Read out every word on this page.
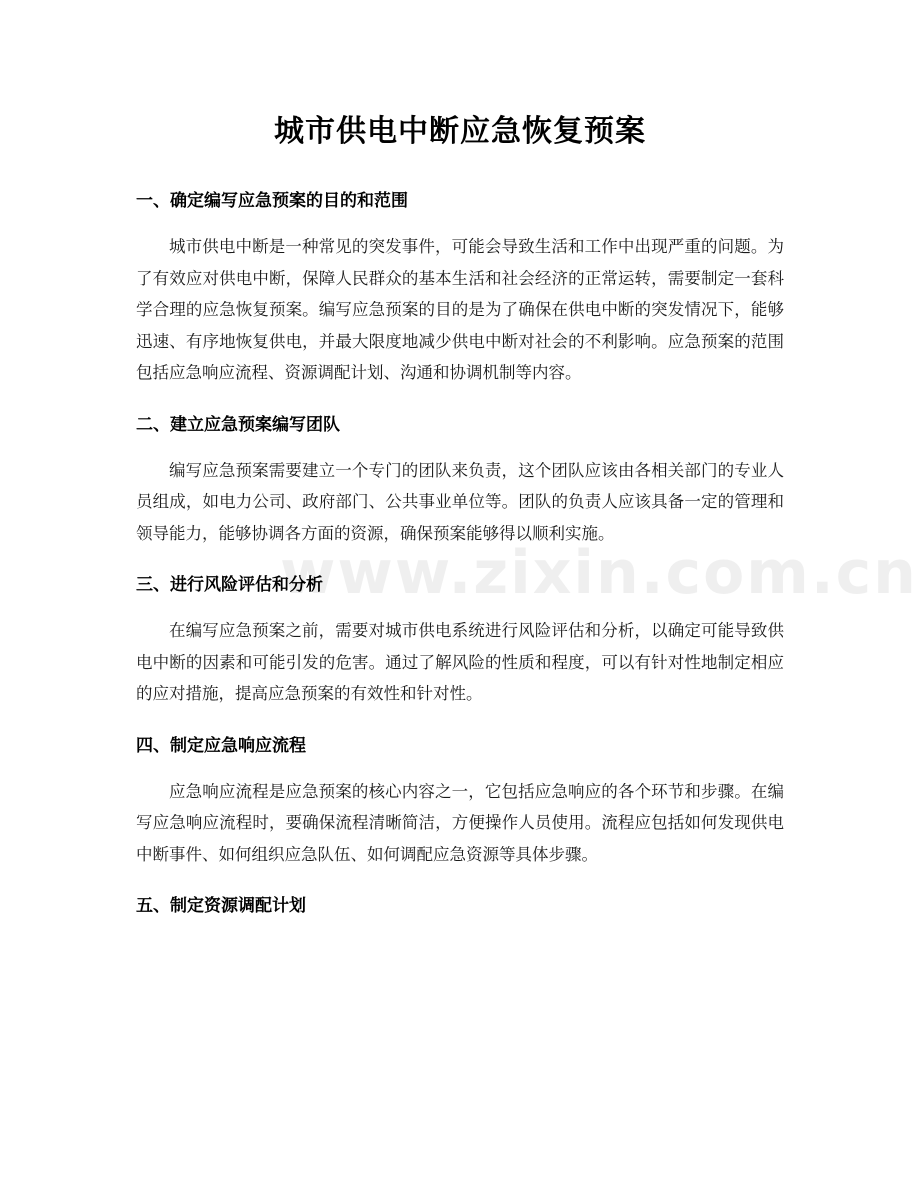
www.zixin.com.cn
城市供电中断应急恢复预案
一、确定编写应急预案的目的和范围

城市供电中断是一种常见的突发事件，可能会导致生活和工作中出现严重的问题。为了有效应对供电中断，保障人民群众的基本生活和社会经济的正常运转，需要制定一套科学合理的应急恢复预案。编写应急预案的目的是为了确保在供电中断的突发情况下，能够迅速、有序地恢复供电，并最大限度地减少供电中断对社会的不利影响。应急预案的范围包括应急响应流程、资源调配计划、沟通和协调机制等内容。

二、建立应急预案编写团队

编写应急预案需要建立一个专门的团队来负责，这个团队应该由各相关部门的专业人员组成，如电力公司、政府部门、公共事业单位等。团队的负责人应该具备一定的管理和领导能力，能够协调各方面的资源，确保预案能够得以顺利实施。

三、进行风险评估和分析

在编写应急预案之前，需要对城市供电系统进行风险评估和分析，以确定可能导致供电中断的因素和可能引发的危害。通过了解风险的性质和程度，可以有针对性地制定相应的应对措施，提高应急预案的有效性和针对性。

四、制定应急响应流程

应急响应流程是应急预案的核心内容之一，它包括应急响应的各个环节和步骤。在编写应急响应流程时，要确保流程清晰简洁，方便操作人员使用。流程应包括如何发现供电中断事件、如何组织应急队伍、如何调配应急资源等具体步骤。

五、制定资源调配计划
